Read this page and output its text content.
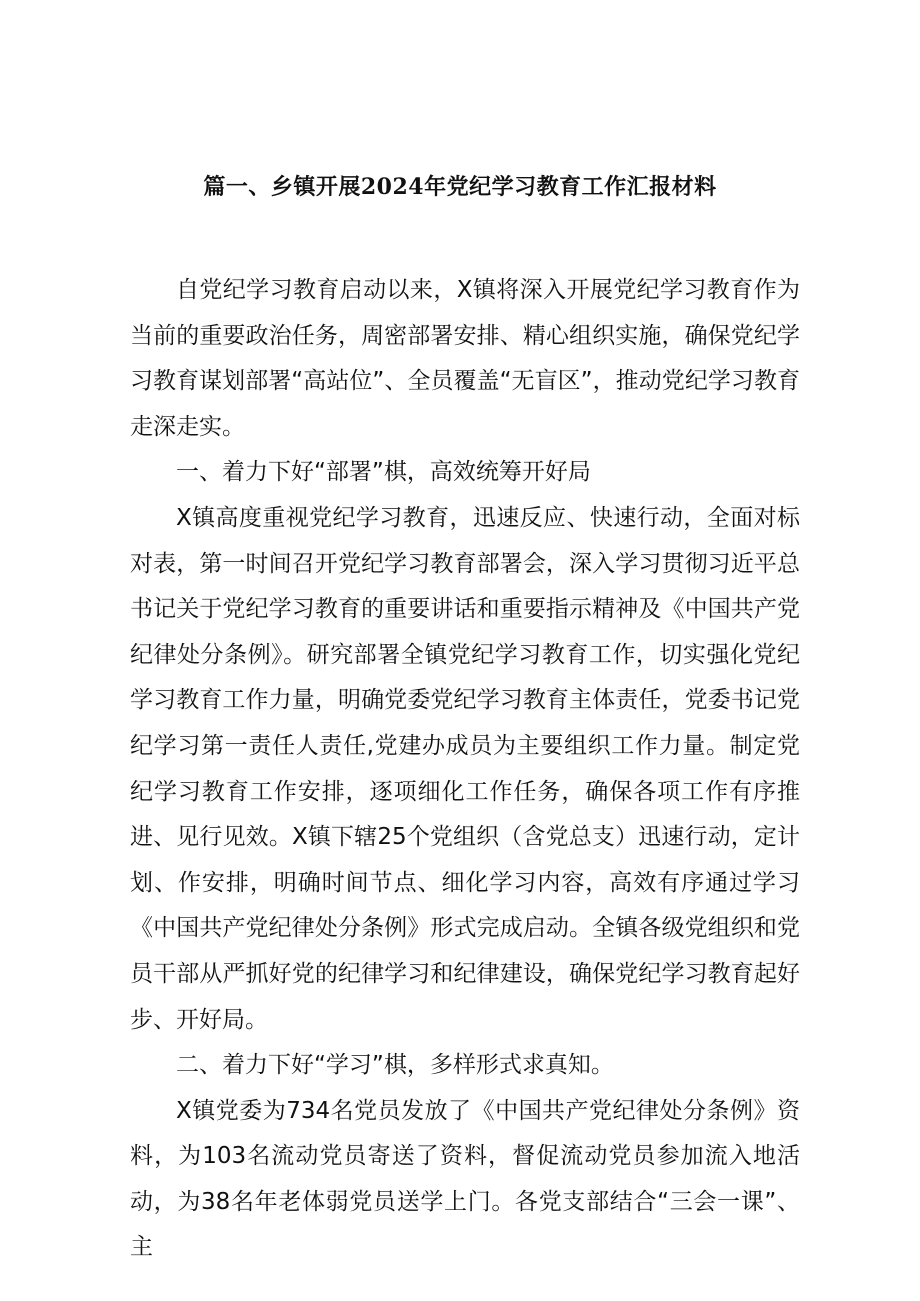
篇一、乡镇开展2024年党纪学习教育工作汇报材料

自党纪学习教育启动以来，X镇将深入开展党纪学习教育作为当前的重要政治任务，周密部署安排、精心组织实施，确保党纪学习教育谋划部署“高站位”、全员覆盖“无盲区”，推动党纪学习教育走深走实。

一、着力下好“部署”棋，高效统筹开好局

X镇高度重视党纪学习教育，迅速反应、快速行动，全面对标对表，第一时间召开党纪学习教育部署会，深入学习贯彻习近平总书记关于党纪学习教育的重要讲话和重要指示精神及《中国共产党纪律处分条例》。研究部署全镇党纪学习教育工作，切实强化党纪学习教育工作力量，明确党委党纪学习教育主体责任，党委书记党纪学习第一责任人责任,党建办成员为主要组织工作力量。制定党纪学习教育工作安排，逐项细化工作任务，确保各项工作有序推进、见行见效。X镇下辖25个党组织（含党总支）迅速行动，定计划、作安排，明确时间节点、细化学习内容，高效有序通过学习《中国共产党纪律处分条例》形式完成启动。全镇各级党组织和党员干部从严抓好党的纪律学习和纪律建设，确保党纪学习教育起好步、开好局。

二、着力下好“学习”棋，多样形式求真知。

X镇党委为734名党员发放了《中国共产党纪律处分条例》资料，为103名流动党员寄送了资料，督促流动党员参加流入地活动，为38名年老体弱党员送学上门。各党支部结合“三会一课”、主
